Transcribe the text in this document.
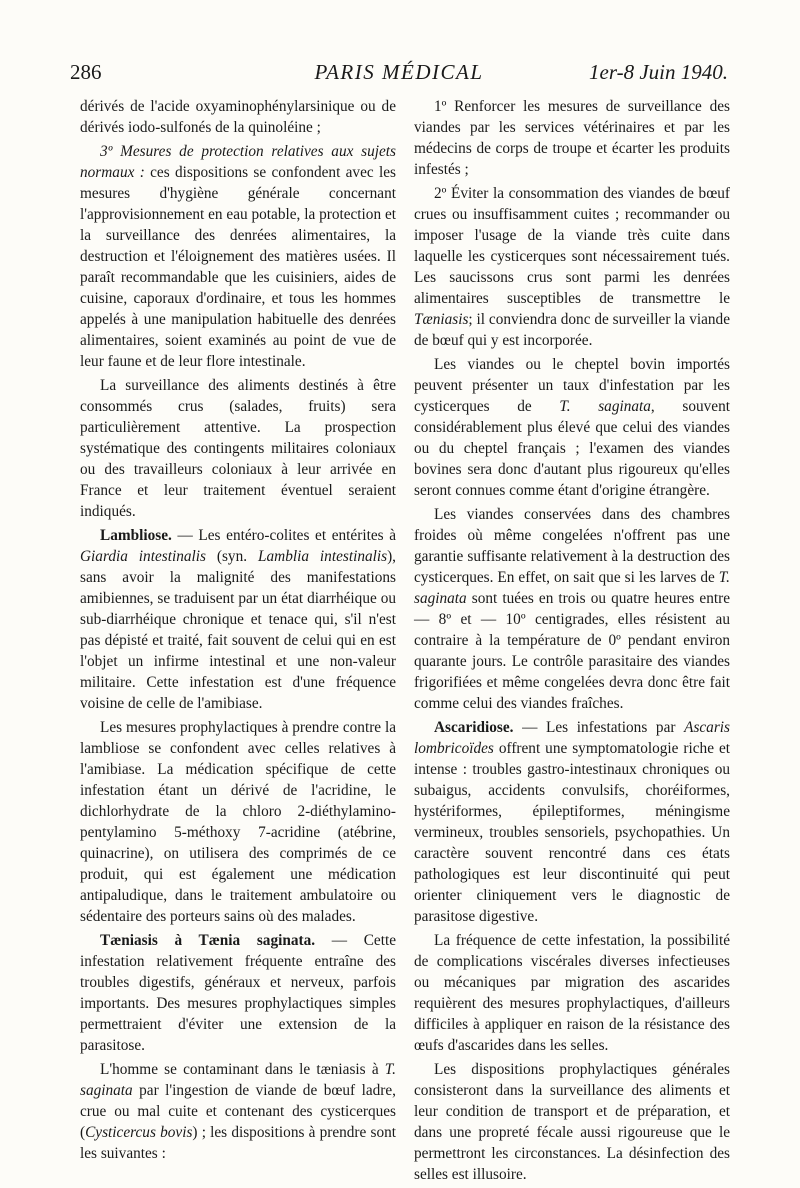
286	PARIS MÉDICAL	1er-8 Juin 1940.

dérivés de l'acide oxyaminophénylarsinique ou de dérivés iodo-sulfonés de la quinoléine ;

3º Mesures de protection relatives aux sujets normaux : ces dispositions se confondent avec les mesures d'hygiène générale concernant l'approvisionnement en eau potable, la protection et la surveillance des denrées alimentaires, la destruction et l'éloignement des matières usées. Il paraît recommandable que les cuisiniers, aides de cuisine, caporaux d'ordinaire, et tous les hommes appelés à une manipulation habituelle des denrées alimentaires, soient examinés au point de vue de leur faune et de leur flore intestinale.

La surveillance des aliments destinés à être consommés crus (salades, fruits) sera particulièrement attentive. La prospection systématique des contingents militaires coloniaux ou des travailleurs coloniaux à leur arrivée en France et leur traitement éventuel seraient indiqués.

Lambliose. — Les entéro-colites et entérites à Giardia intestinalis (syn. Lamblia intestinalis), sans avoir la malignité des manifestations amibiennes, se traduisent par un état diarrhéique ou sub-diarrhéique chronique et tenace qui, s'il n'est pas dépisté et traité, fait souvent de celui qui en est l'objet un infirme intestinal et une non-valeur militaire. Cette infestation est d'une fréquence voisine de celle de l'amibiase.

Les mesures prophylactiques à prendre contre la lambliose se confondent avec celles relatives à l'amibiase. La médication spécifique de cette infestation étant un dérivé de l'acridine, le dichlorhydrate de la chloro 2-diéthylamino-pentylamino 5-méthoxy 7-acridine (atébrine, quinacrine), on utilisera des comprimés de ce produit, qui est également une médication antipaludique, dans le traitement ambulatoire ou sédentaire des porteurs sains où des malades.

Tæniasis à Tænia saginata. — Cette infestation relativement fréquente entraîne des troubles digestifs, généraux et nerveux, parfois importants. Des mesures prophylactiques simples permettraient d'éviter une extension de la parasitose.

L'homme se contaminant dans le tæniasis à T. saginata par l'ingestion de viande de bœuf ladre, crue ou mal cuite et contenant des cysticerques (Cysticercus bovis) ; les dispositions à prendre sont les suivantes :

1º Renforcer les mesures de surveillance des viandes par les services vétérinaires et par les médecins de corps de troupe et écarter les produits infestés ;

2º Éviter la consommation des viandes de bœuf crues ou insuffisamment cuites ; recommander ou imposer l'usage de la viande très cuite dans laquelle les cysticerques sont nécessairement tués. Les saucissons crus sont parmi les denrées alimentaires susceptibles de transmettre le Tæniasis; il conviendra donc de surveiller la viande de bœuf qui y est incorporée.

Les viandes ou le cheptel bovin importés peuvent présenter un taux d'infestation par les cysticerques de T. saginata, souvent considérablement plus élevé que celui des viandes ou du cheptel français ; l'examen des viandes bovines sera donc d'autant plus rigoureux qu'elles seront connues comme étant d'origine étrangère.

Les viandes conservées dans des chambres froides où même congelées n'offrent pas une garantie suffisante relativement à la destruction des cysticerques. En effet, on sait que si les larves de T. saginata sont tuées en trois ou quatre heures entre — 8º et — 10º centigrades, elles résistent au contraire à la température de 0º pendant environ quarante jours. Le contrôle parasitaire des viandes frigorifiées et même congelées devra donc être fait comme celui des viandes fraîches.

Ascaridiose. — Les infestations par Ascaris lombricoïdes offrent une symptomatologie riche et intense : troubles gastro-intestinaux chroniques ou subaigus, accidents convulsifs, choréiformes, hystériformes, épileptiformes, méningisme vermineux, troubles sensoriels, psychopathies. Un caractère souvent rencontré dans ces états pathologiques est leur discontinuité qui peut orienter cliniquement vers le diagnostic de parasitose digestive.

La fréquence de cette infestation, la possibilité de complications viscérales diverses infectieuses ou mécaniques par migration des ascarides requièrent des mesures prophylactiques, d'ailleurs difficiles à appliquer en raison de la résistance des œufs d'ascarides dans les selles.

Les dispositions prophylactiques générales consisteront dans la surveillance des aliments et leur condition de transport et de préparation, et dans une propreté fécale aussi rigoureuse que le permettront les circonstances. La désinfection des selles est illusoire.
